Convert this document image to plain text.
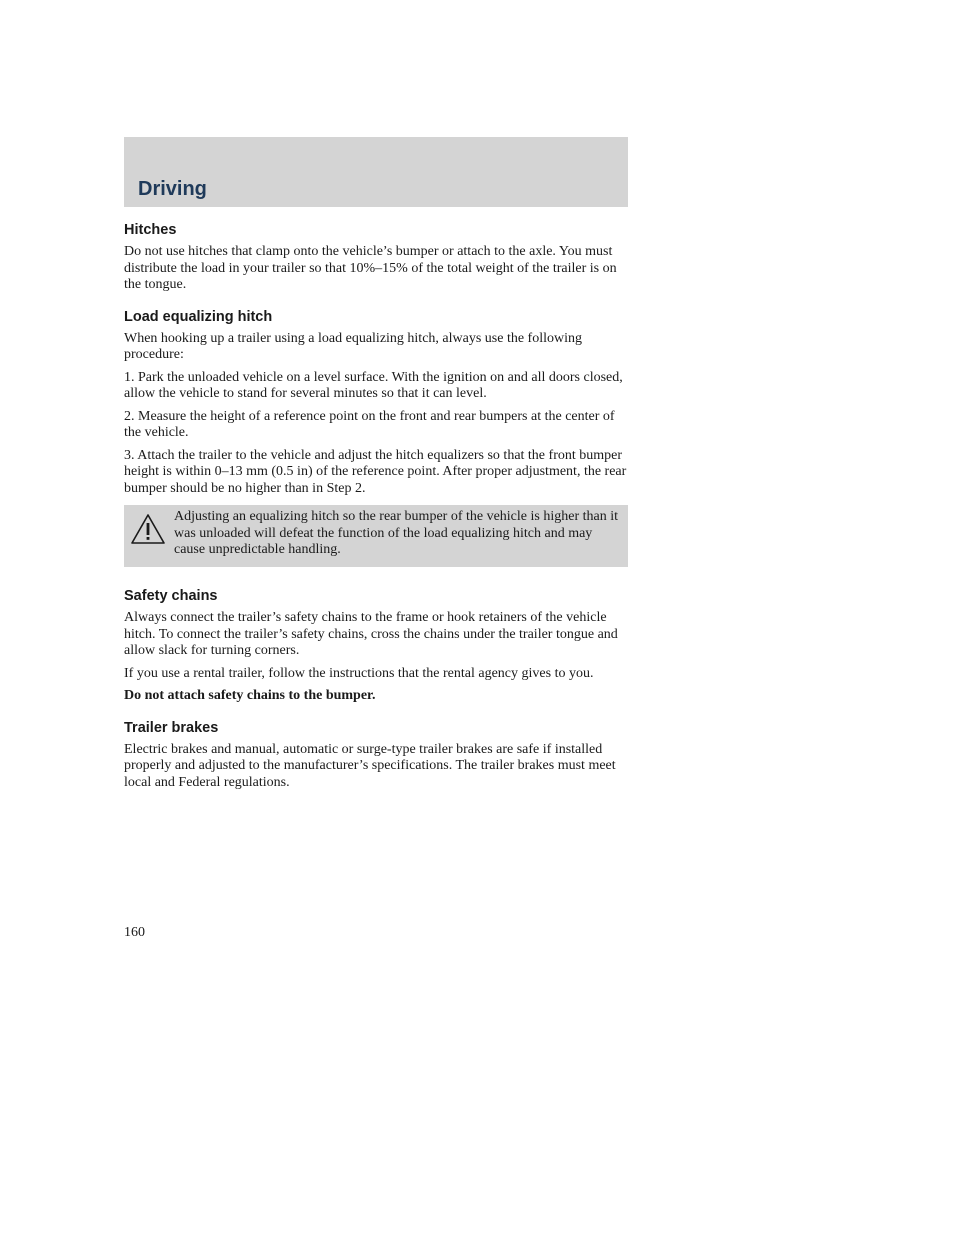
Driving
Hitches

Do not use hitches that clamp onto the vehicle’s bumper or attach to the axle. You must distribute the load in your trailer so that 10%–15% of the total weight of the trailer is on the tongue.

Load equalizing hitch

When hooking up a trailer using a load equalizing hitch, always use the following procedure:

1. Park the unloaded vehicle on a level surface. With the ignition on and all doors closed, allow the vehicle to stand for several minutes so that it can level.

2. Measure the height of a reference point on the front and rear bumpers at the center of the vehicle.

3. Attach the trailer to the vehicle and adjust the hitch equalizers so that the front bumper height is within 0–13 mm (0.5 in) of the reference point. After proper adjustment, the rear bumper should be no higher than in Step 2.

Adjusting an equalizing hitch so the rear bumper of the vehicle is higher than it was unloaded will defeat the function of the load equalizing hitch and may cause unpredictable handling.

Safety chains

Always connect the trailer’s safety chains to the frame or hook retainers of the vehicle hitch. To connect the trailer’s safety chains, cross the chains under the trailer tongue and allow slack for turning corners.

If you use a rental trailer, follow the instructions that the rental agency gives to you.

Do not attach safety chains to the bumper.

Trailer brakes

Electric brakes and manual, automatic or surge-type trailer brakes are safe if installed properly and adjusted to the manufacturer’s specifications. The trailer brakes must meet local and Federal regulations.

160
